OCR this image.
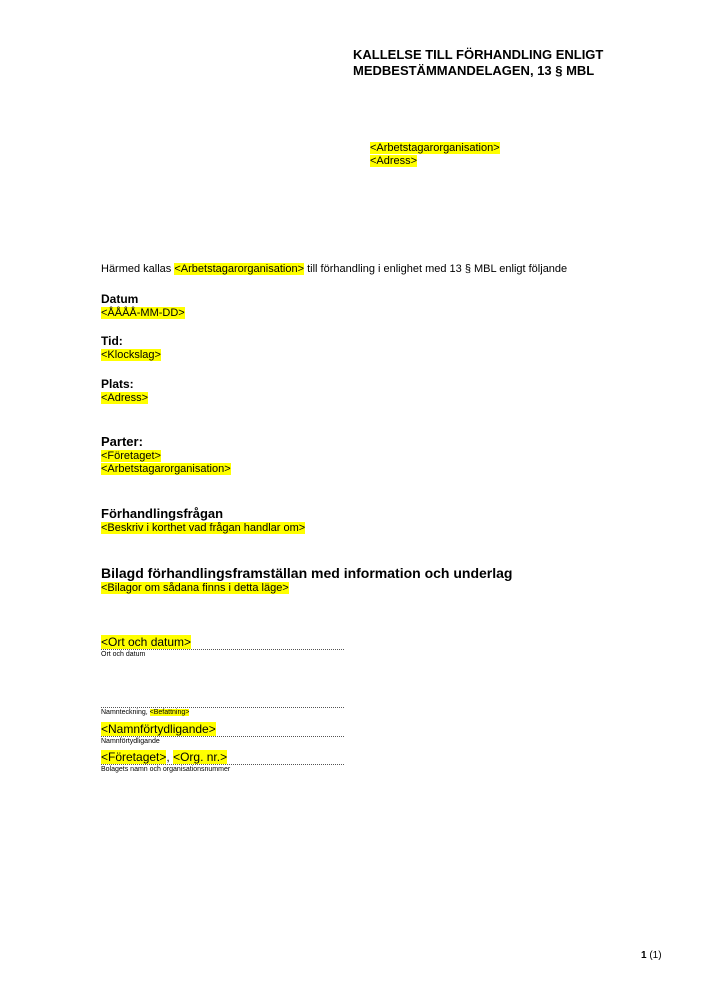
KALLELSE TILL FÖRHANDLING ENLIGT
MEDBESTÄMMANDELAGEN, 13 § MBL
<Arbetstagarorganisation>
<Adress>
Härmed kallas <Arbetstagarorganisation> till förhandling i enlighet med 13 § MBL enligt följande
Datum
<ÅÅÅÅ-MM-DD>
Tid:
<Klockslag>
Plats:
<Adress>
Parter:
<Företaget>
<Arbetstagarorganisation>
Förhandlingsfrågan
<Beskriv i korthet vad frågan handlar om>
Bilagd förhandlingsframställan med information och underlag
<Bilagor om sådana finns i detta läge>
<Ort och datum>
Ort och datum
Namnteckning, <Befattning>
<Namnförtydligande>
Namnförtydligande
<Företaget>, <Org. nr.>
Bolagets namn och organisationsnummer
1 (1)
